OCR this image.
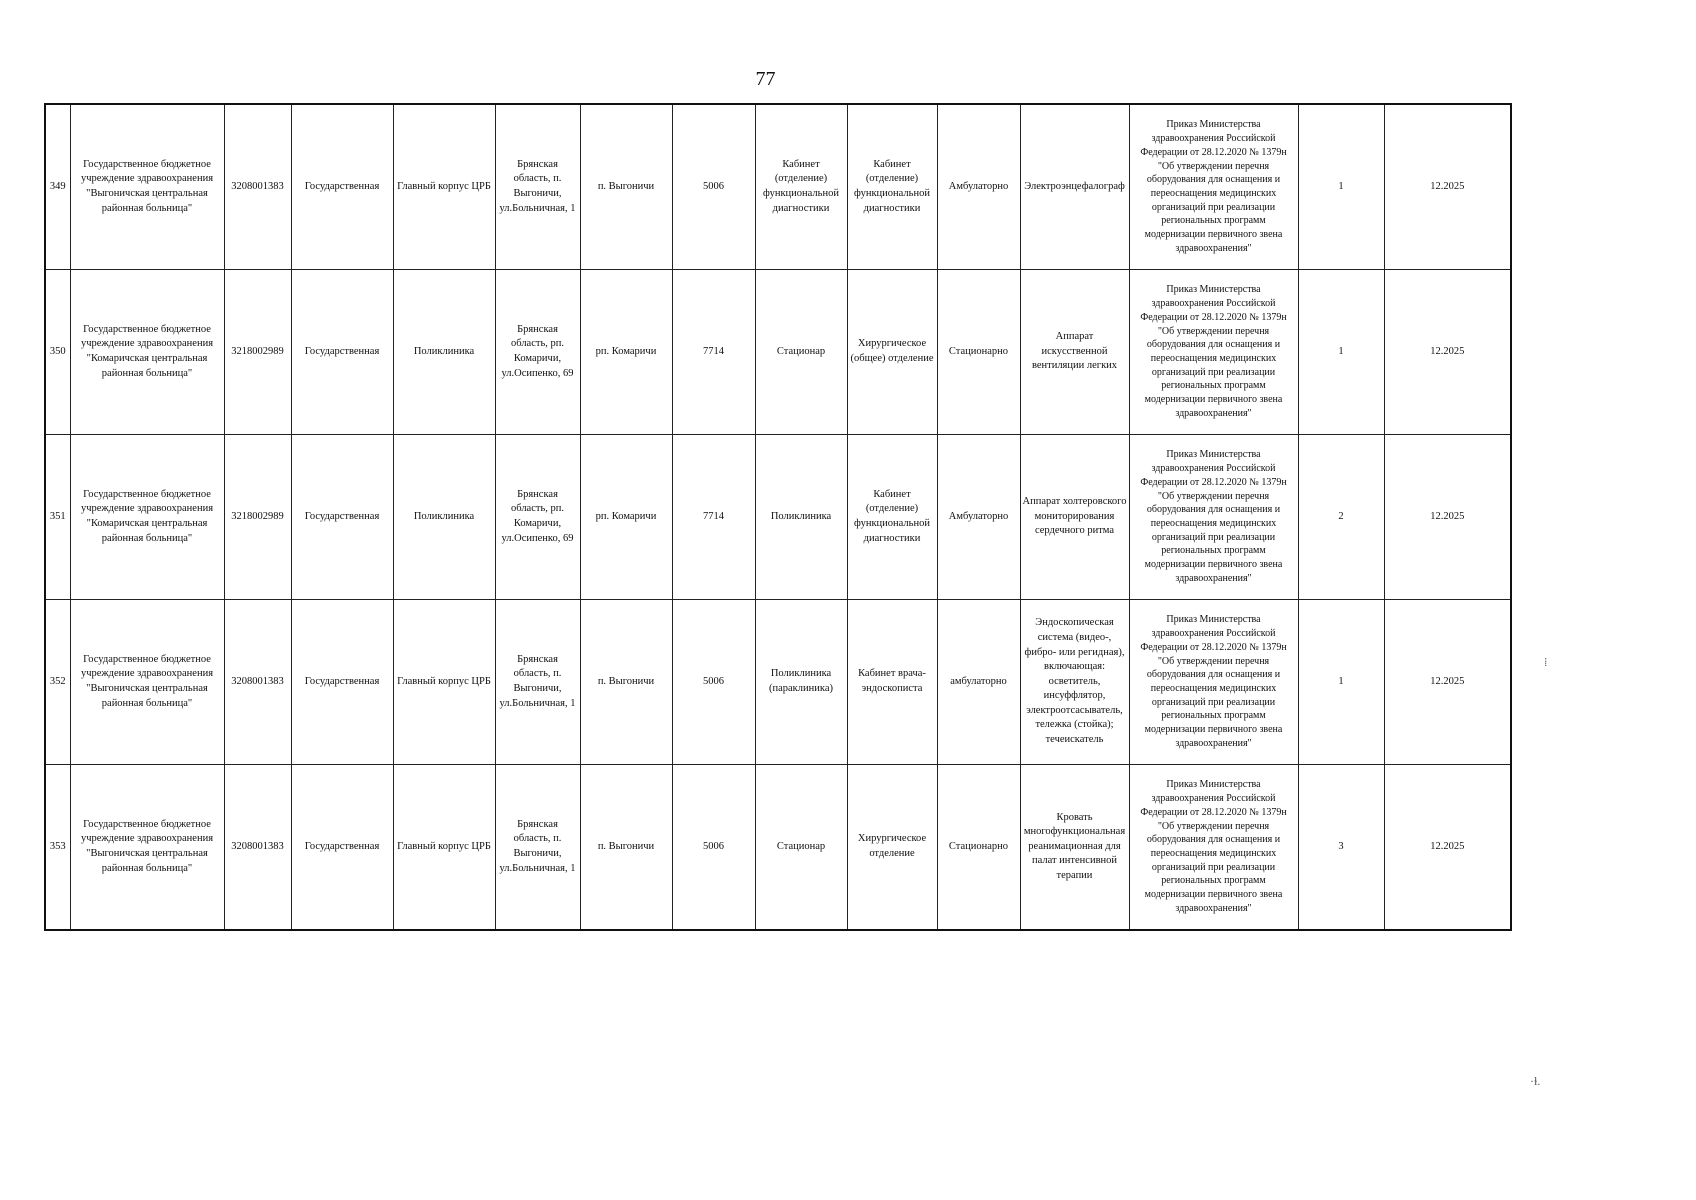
77
349	Государственное бюджетное учреждение здравоохранения "Выгоничская центральная районная больница"	3208001383	Государственная	Главный корпус ЦРБ	Брянская область, п. Выгоничи, ул.Больничная, 1	п. Выгоничи	5006	Кабинет (отделение) функциональной диагностики	Кабинет (отделение) функциональной диагностики	Амбулаторно	Электроэнцефалограф	Приказ Министерства здравоохранения Российской Федерации от 28.12.2020 № 1379н "Об утверждении перечня оборудования для оснащения и переоснащения медицинских организаций при реализации региональных программ модернизации первичного звена здравоохранения"	1	12.2025
350	Государственное бюджетное учреждение здравоохранения "Комаричская центральная районная больница"	3218002989	Государственная	Поликлиника	Брянская область, рп. Комаричи, ул.Осипенко, 69	рп. Комаричи	7714	Стационар	Хирургическое (общее) отделение	Стационарно	Аппарат искусственной вентиляции легких	Приказ Министерства здравоохранения Российской Федерации от 28.12.2020 № 1379н "Об утверждении перечня оборудования для оснащения и переоснащения медицинских организаций при реализации региональных программ модернизации первичного звена здравоохранения"	1	12.2025
351	Государственное бюджетное учреждение здравоохранения "Комаричская центральная районная больница"	3218002989	Государственная	Поликлиника	Брянская область, рп. Комаричи, ул.Осипенко, 69	рп. Комаричи	7714	Поликлиника	Кабинет (отделение) функциональной диагностики	Амбулаторно	Аппарат холтеровского мониторирования сердечного ритма	Приказ Министерства здравоохранения Российской Федерации от 28.12.2020 № 1379н "Об утверждении перечня оборудования для оснащения и переоснащения медицинских организаций при реализации региональных программ модернизации первичного звена здравоохранения"	2	12.2025
352	Государственное бюджетное учреждение здравоохранения "Выгоничская центральная районная больница"	3208001383	Государственная	Главный корпус ЦРБ	Брянская область, п. Выгоничи, ул.Больничная, 1	п. Выгоничи	5006	Поликлиника (параклиника)	Кабинет врача-эндоскописта	амбулаторно	Эндоскопическая система (видео-, фибро- или регидная), включающая: осветитель, инсуффлятор, электроотсасыватель, тележка (стойка); течеискатель	Приказ Министерства здравоохранения Российской Федерации от 28.12.2020 № 1379н "Об утверждении перечня оборудования для оснащения и переоснащения медицинских организаций при реализации региональных программ модернизации первичного звена здравоохранения"	1	12.2025
353	Государственное бюджетное учреждение здравоохранения "Выгоничская центральная районная больница"	3208001383	Государственная	Главный корпус ЦРБ	Брянская область, п. Выгоничи, ул.Больничная, 1	п. Выгоничи	5006	Стационар	Хирургическое отделение	Стационарно	Кровать многофункциональная реанимационная для палат интенсивной терапии	Приказ Министерства здравоохранения Российской Федерации от 28.12.2020 № 1379н "Об утверждении перечня оборудования для оснащения и переоснащения медицинских организаций при реализации региональных программ модернизации первичного звена здравоохранения"	3	12.2025
⁞
·ɫ.
